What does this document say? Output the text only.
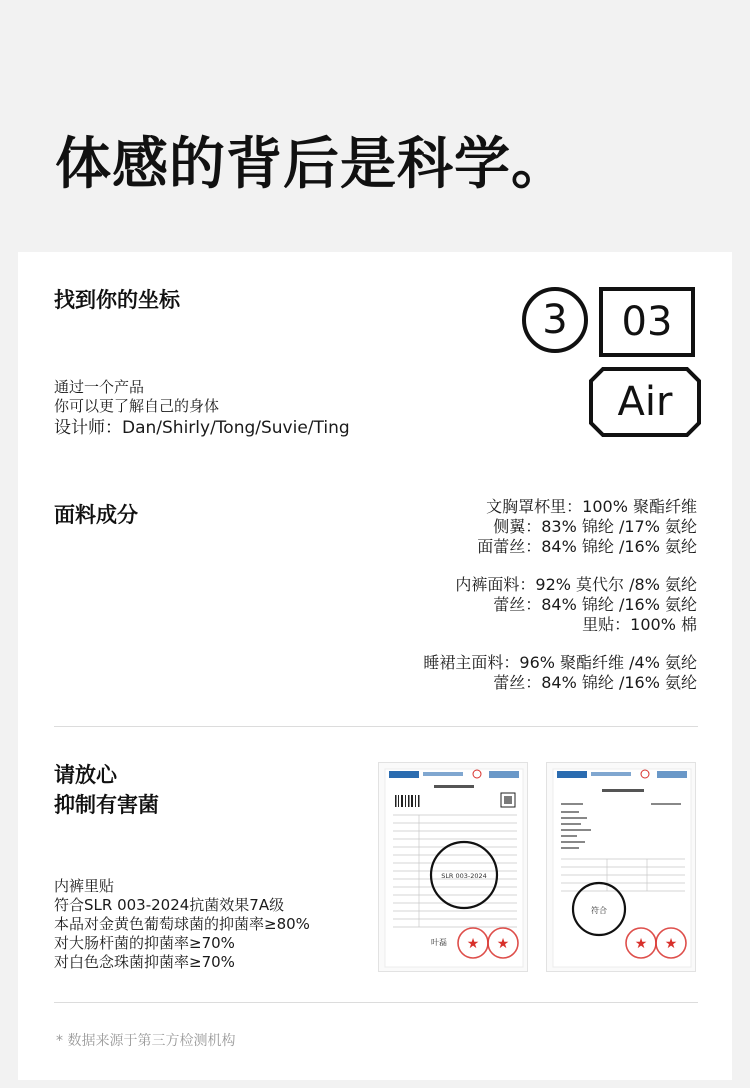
体感的背后是科学。
找到你的坐标
通过一个产品
你可以更了解自己的身体
设计师：Dan/Shirly/Tong/Suvie/Ting
3	03
Air
面料成分	文胸罩杯里：100% 聚酯纤维
侧翼：83% 锦纶 /17% 氨纶
面蕾丝：84% 锦纶 /16% 氨纶
内裤面料：92% 莫代尔 /8% 氨纶
蕾丝：84% 锦纶 /16% 氨纶
里贴：100% 棉
睡裙主面料：96% 聚酯纤维 /4% 氨纶
蕾丝：84% 锦纶 /16% 氨纶
请放心
抑制有害菌
内裤里贴
符合SLR 003-2024抗菌效果7A级
本品对金黄色葡萄球菌的抑菌率≥80%
对大肠杆菌的抑菌率≥70%
对白色念珠菌抑菌率≥70%
SLR 003-2024
叶磊 ★ ★
符合
★ ★
* 数据来源于第三方检测机构
